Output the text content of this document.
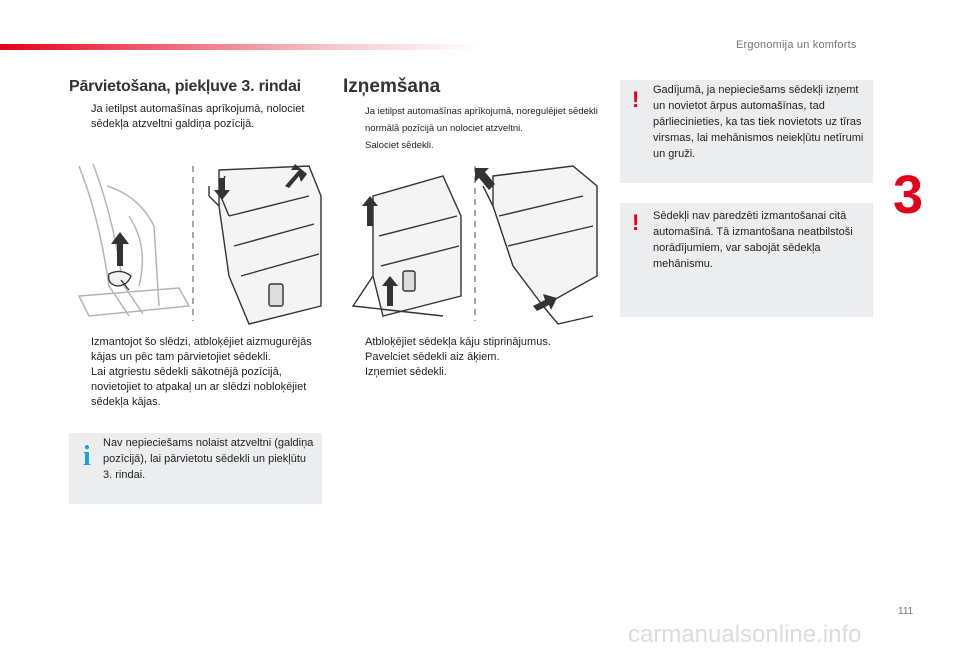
Ergonomija un komforts
3
Pārvietošana, piekļuve 3. rindai
Ja ietilpst automašīnas aprīkojumā, nolociet sēdekļa atzveltni galdiņa pozīcijā.
Izmantojot šo slēdzi, atbloķējiet aizmugurējās kājas un pēc tam pārvietojiet sēdekli.
Lai atgriestu sēdekli sākotnējā pozīcijā, novietojiet to atpakaļ un ar slēdzi nobloķējiet sēdekļa kājas.
i Nav nepieciešams nolaist atzveltni (galdiņa pozīcijā), lai pārvietotu sēdekli un piekļūtu 3. rindai.
Izņemšana
Ja ietilpst automašīnas aprīkojumā, noregulējiet sēdekli normālā pozīcijā un nolociet atzveltni.
Salociet sēdekli.
Atbloķējiet sēdekļa kāju stiprinājumus.
Pavelciet sēdekli aiz āķiem.
Izņemiet sēdekli.
! Gadījumā, ja nepieciešams sēdekļi izņemt un novietot ārpus automašīnas, tad pārliecinieties, ka tas tiek novietots uz tīras virsmas, lai mehānismos neiekļūtu netīrumi un gruži.
! Sēdekļi nav paredzēti izmantošanai citā automašīnā. Tā izmantošana neatbilstoši norādījumiem, var sabojāt sēdekļa mehānismu.
111
carmanualsonline.info
